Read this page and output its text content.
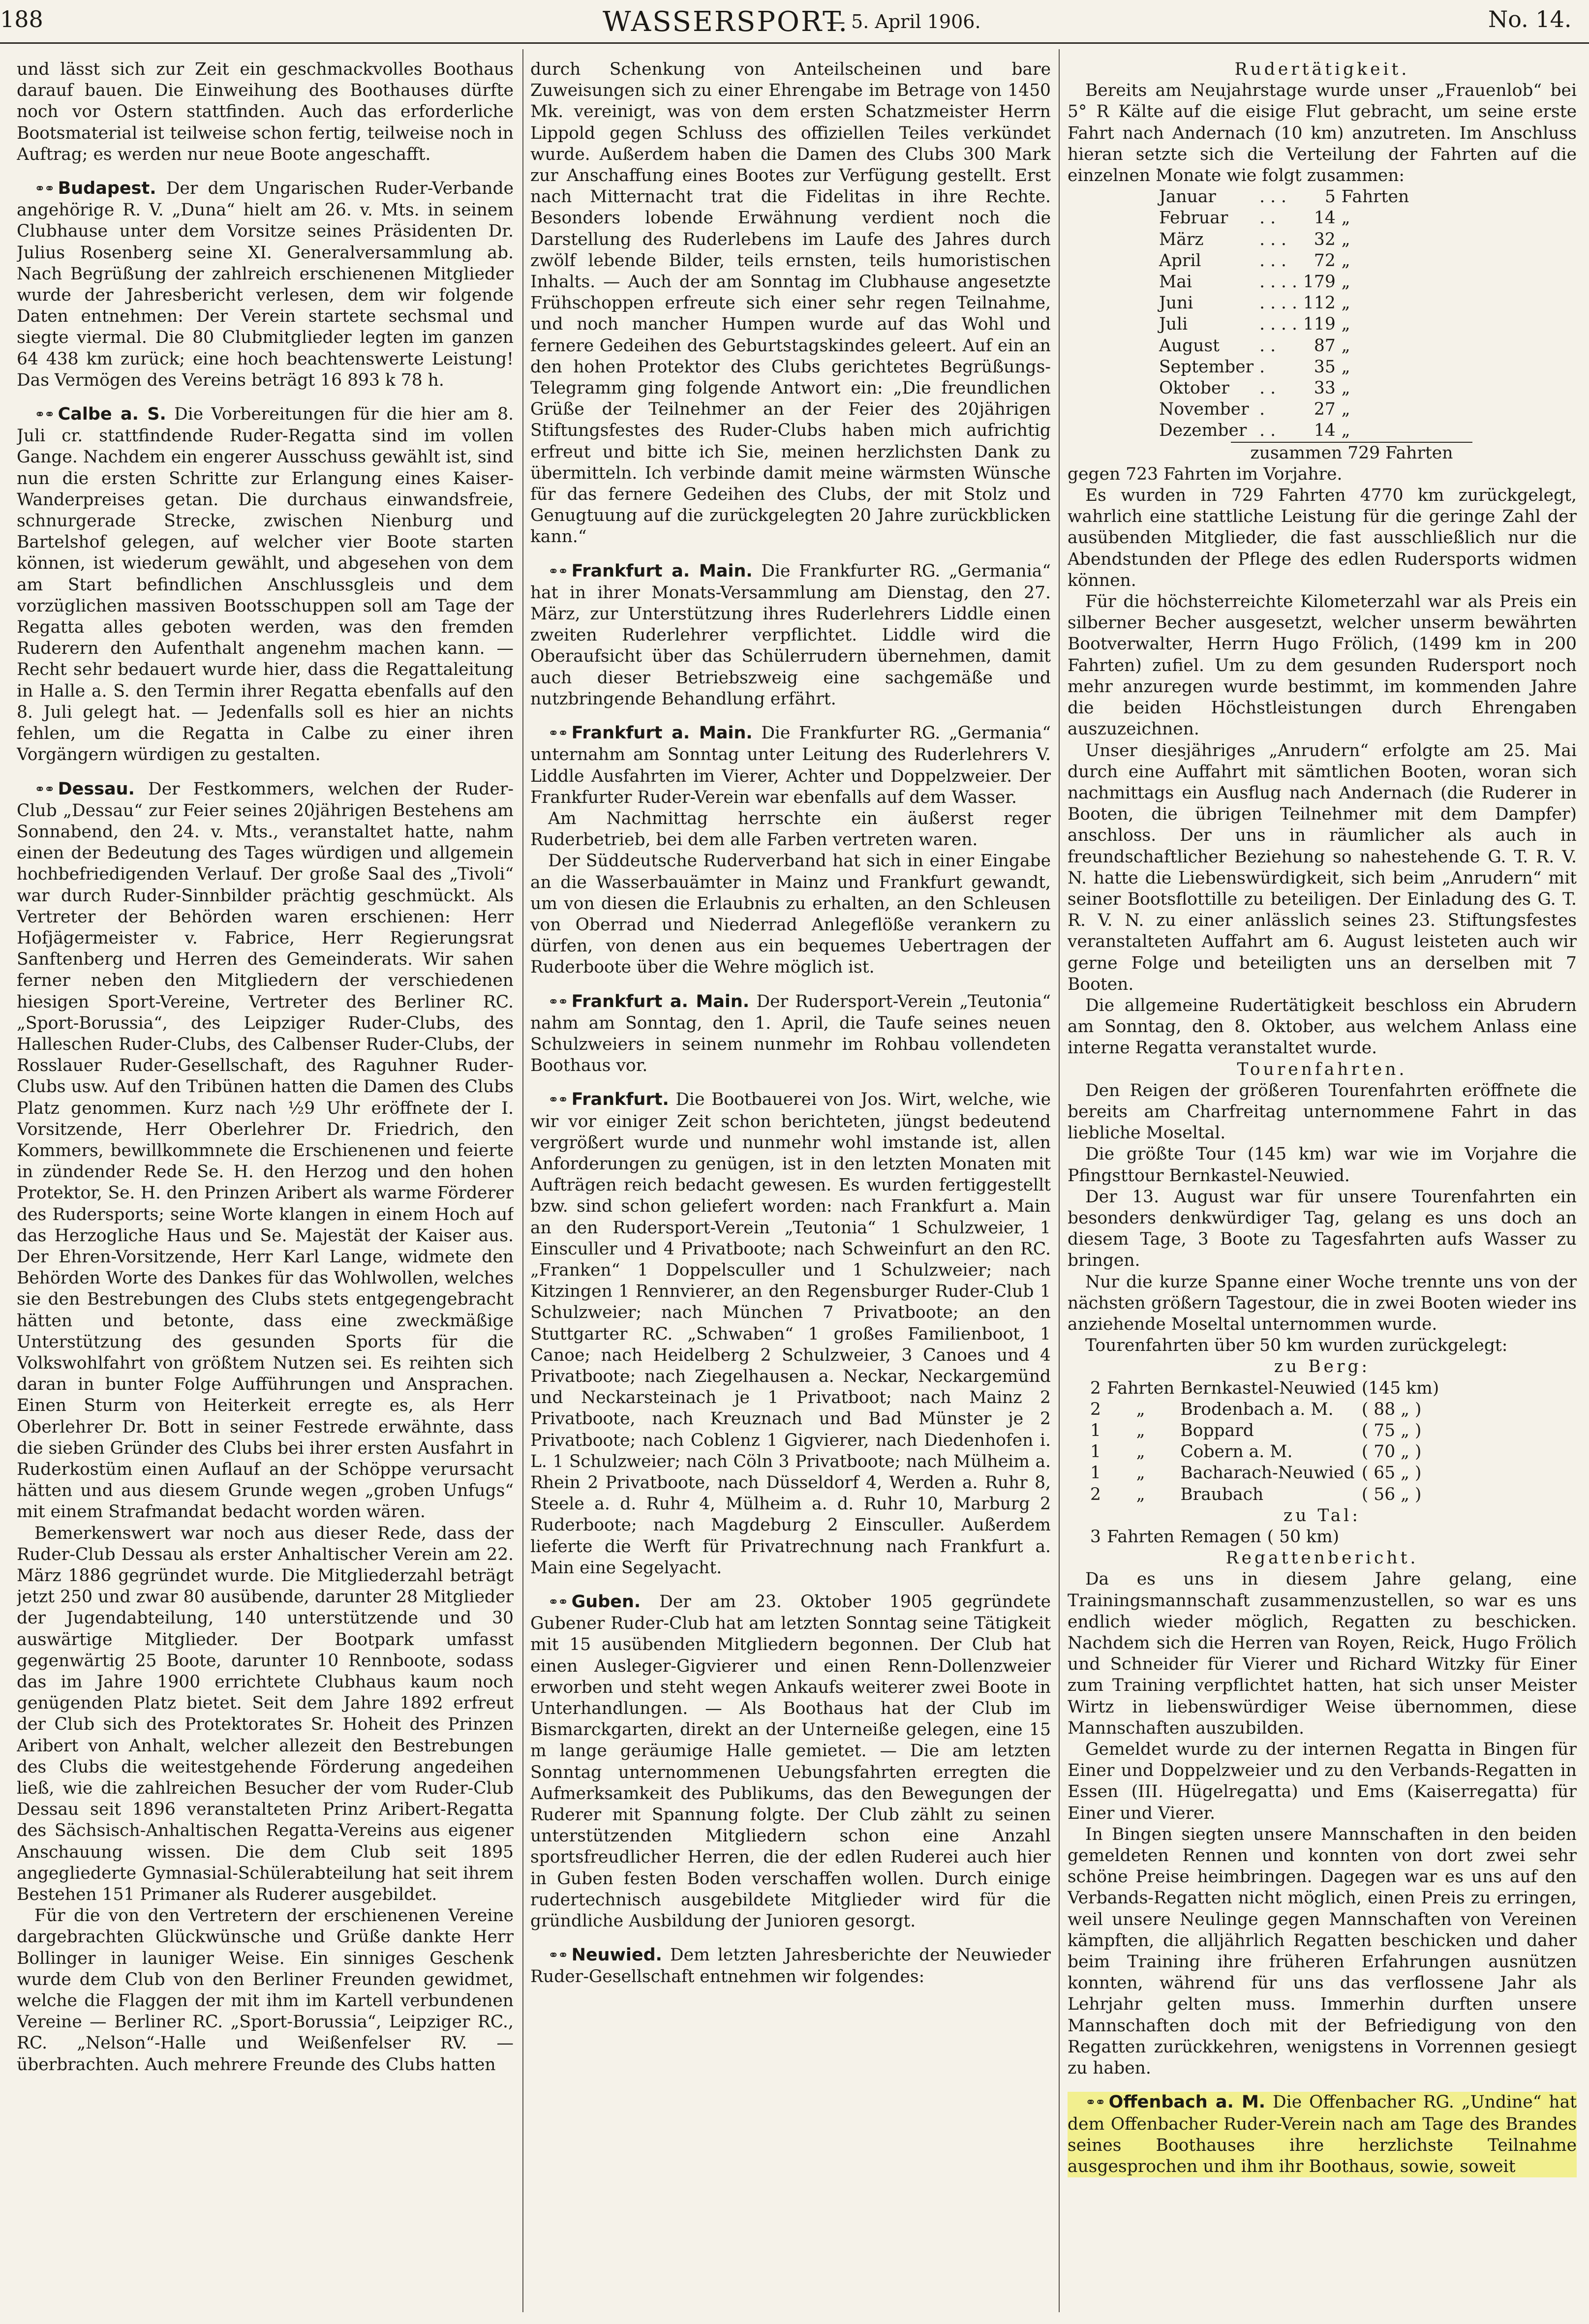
188	WASSERSPORT.
— 5. April 1906.	No. 14.

und lässt sich zur Zeit ein geschmackvolles Boothaus darauf bauen. Die Einweihung des Boothauses dürfte noch vor Ostern stattfinden. Auch das erforderliche Bootsmaterial ist teilweise schon fertig, teilweise noch in Auftrag; es werden nur neue Boote angeschafft.

⚭⚭ Budapest. Der dem Ungarischen Ruder-Verbande angehörige R. V. „Duna“ hielt am 26. v. Mts. in seinem Clubhause unter dem Vorsitze seines Präsidenten Dr. Julius Rosenberg seine XI. Generalversammlung ab. Nach Begrüßung der zahlreich erschienenen Mitglieder wurde der Jahresbericht verlesen, dem wir folgende Daten entnehmen: Der Verein startete sechsmal und siegte viermal. Die 80 Clubmitglieder legten im ganzen 64 438 km zurück; eine hoch beachtenswerte Leistung! Das Vermögen des Vereins beträgt 16 893 k 78 h.

⚭⚭ Calbe a. S. Die Vorbereitungen für die hier am 8. Juli cr. stattfindende Ruder-Regatta sind im vollen Gange. Nachdem ein engerer Ausschuss gewählt ist, sind nun die ersten Schritte zur Erlangung eines Kaiser-Wanderpreises getan. Die durchaus einwandsfreie, schnurgerade Strecke, zwischen Nienburg und Bartelshof gelegen, auf welcher vier Boote starten können, ist wiederum gewählt, und abgesehen von dem am Start befindlichen Anschlussgleis und dem vorzüglichen massiven Bootsschuppen soll am Tage der Regatta alles geboten werden, was den fremden Ruderern den Aufenthalt angenehm machen kann. — Recht sehr bedauert wurde hier, dass die Regattaleitung in Halle a. S. den Termin ihrer Regatta ebenfalls auf den 8. Juli gelegt hat. — Jedenfalls soll es hier an nichts fehlen, um die Regatta in Calbe zu einer ihren Vorgängern würdigen zu gestalten.

⚭⚭ Dessau. Der Festkommers, welchen der Ruder-Club „Dessau“ zur Feier seines 20jährigen Bestehens am Sonnabend, den 24. v. Mts., veranstaltet hatte, nahm einen der Bedeutung des Tages würdigen und allgemein hochbefriedigenden Verlauf. Der große Saal des „Tivoli“ war durch Ruder-Sinnbilder prächtig geschmückt. Als Vertreter der Behörden waren erschienen: Herr Hofjägermeister v. Fabrice, Herr Regierungsrat Sanftenberg und Herren des Gemeinderats. Wir sahen ferner neben den Mitgliedern der verschiedenen hiesigen Sport-Vereine, Vertreter des Berliner RC. „Sport-Borussia“, des Leipziger Ruder-Clubs, des Halleschen Ruder-Clubs, des Calbenser Ruder-Clubs, der Rosslauer Ruder-Gesellschaft, des Raguhner Ruder-Clubs usw. Auf den Tribünen hatten die Damen des Clubs Platz genommen. Kurz nach ½9 Uhr eröffnete der I. Vorsitzende, Herr Oberlehrer Dr. Friedrich, den Kommers, bewillkommnete die Erschienenen und feierte in zündender Rede Se. H. den Herzog und den hohen Protektor, Se. H. den Prinzen Aribert als warme Förderer des Rudersports; seine Worte klangen in einem Hoch auf das Herzogliche Haus und Se. Majestät der Kaiser aus. Der Ehren-Vorsitzende, Herr Karl Lange, widmete den Behörden Worte des Dankes für das Wohlwollen, welches sie den Bestrebungen des Clubs stets entgegengebracht hätten und betonte, dass eine zweckmäßige Unterstützung des gesunden Sports für die Volkswohlfahrt von größtem Nutzen sei. Es reihten sich daran in bunter Folge Aufführungen und Ansprachen. Einen Sturm von Heiterkeit erregte es, als Herr Oberlehrer Dr. Bott in seiner Festrede erwähnte, dass die sieben Gründer des Clubs bei ihrer ersten Ausfahrt in Ruderkostüm einen Auflauf an der Schöppe verursacht hätten und aus diesem Grunde wegen „groben Unfugs“ mit einem Strafmandat bedacht worden wären.

Bemerkenswert war noch aus dieser Rede, dass der Ruder-Club Dessau als erster Anhaltischer Verein am 22. März 1886 gegründet wurde. Die Mitgliederzahl beträgt jetzt 250 und zwar 80 ausübende, darunter 28 Mitglieder der Jugendabteilung, 140 unterstützende und 30 auswärtige Mitglieder. Der Bootpark umfasst gegenwärtig 25 Boote, darunter 10 Rennboote, sodass das im Jahre 1900 errichtete Clubhaus kaum noch genügenden Platz bietet. Seit dem Jahre 1892 erfreut der Club sich des Protektorates Sr. Hoheit des Prinzen Aribert von Anhalt, welcher allezeit den Bestrebungen des Clubs die weitestgehende Förderung angedeihen ließ, wie die zahlreichen Besucher der vom Ruder-Club Dessau seit 1896 veranstalteten Prinz Aribert-Regatta des Sächsisch-Anhaltischen Regatta-Vereins aus eigener Anschauung wissen. Die dem Club seit 1895 angegliederte Gymnasial-Schülerabteilung hat seit ihrem Bestehen 151 Primaner als Ruderer ausgebildet.

Für die von den Vertretern der erschienenen Vereine dargebrachten Glückwünsche und Grüße dankte Herr Bollinger in launiger Weise. Ein sinniges Geschenk wurde dem Club von den Berliner Freunden gewidmet, welche die Flaggen der mit ihm im Kartell verbundenen Vereine — Berliner RC. „Sport-Borussia“, Leipziger RC., RC. „Nelson“-Halle und Weißenfelser RV. — überbrachten. Auch mehrere Freunde des Clubs hatten

durch Schenkung von Anteilscheinen und bare Zuweisungen sich zu einer Ehrengabe im Betrage von 1450 Mk. vereinigt, was von dem ersten Schatzmeister Herrn Lippold gegen Schluss des offiziellen Teiles verkündet wurde. Außerdem haben die Damen des Clubs 300 Mark zur Anschaffung eines Bootes zur Verfügung gestellt. Erst nach Mitternacht trat die Fidelitas in ihre Rechte. Besonders lobende Erwähnung verdient noch die Darstellung des Ruderlebens im Laufe des Jahres durch zwölf lebende Bilder, teils ernsten, teils humoristischen Inhalts. — Auch der am Sonntag im Clubhause angesetzte Frühschoppen erfreute sich einer sehr regen Teilnahme, und noch mancher Humpen wurde auf das Wohl und fernere Gedeihen des Geburtstagskindes geleert. Auf ein an den hohen Protektor des Clubs gerichtetes Begrüßungs-Telegramm ging folgende Antwort ein: „Die freundlichen Grüße der Teilnehmer an der Feier des 20jährigen Stiftungsfestes des Ruder-Clubs haben mich aufrichtig erfreut und bitte ich Sie, meinen herzlichsten Dank zu übermitteln. Ich verbinde damit meine wärmsten Wünsche für das fernere Gedeihen des Clubs, der mit Stolz und Genugtuung auf die zurückgelegten 20 Jahre zurückblicken kann.“

⚭⚭ Frankfurt a. Main. Die Frankfurter RG. „Germania“ hat in ihrer Monats-Versammlung am Dienstag, den 27. März, zur Unterstützung ihres Ruderlehrers Liddle einen zweiten Ruderlehrer verpflichtet. Liddle wird die Oberaufsicht über das Schülerrudern übernehmen, damit auch dieser Betriebszweig eine sachgemäße und nutzbringende Behandlung erfährt.

⚭⚭ Frankfurt a. Main. Die Frankfurter RG. „Germania“ unternahm am Sonntag unter Leitung des Ruderlehrers V. Liddle Ausfahrten im Vierer, Achter und Doppelzweier. Der Frankfurter Ruder-Verein war ebenfalls auf dem Wasser.

Am Nachmittag herrschte ein äußerst reger Ruderbetrieb, bei dem alle Farben vertreten waren.

Der Süddeutsche Ruderverband hat sich in einer Eingabe an die Wasserbauämter in Mainz und Frankfurt gewandt, um von diesen die Erlaubnis zu erhalten, an den Schleusen von Oberrad und Niederrad Anlegeflöße verankern zu dürfen, von denen aus ein bequemes Uebertragen der Ruderboote über die Wehre möglich ist.

⚭⚭ Frankfurt a. Main. Der Rudersport-Verein „Teutonia“ nahm am Sonntag, den 1. April, die Taufe seines neuen Schulzweiers in seinem nunmehr im Rohbau vollendeten Boothaus vor.

⚭⚭ Frankfurt. Die Bootbauerei von Jos. Wirt, welche, wie wir vor einiger Zeit schon berichteten, jüngst bedeutend vergrößert wurde und nunmehr wohl imstande ist, allen Anforderungen zu genügen, ist in den letzten Monaten mit Aufträgen reich bedacht gewesen. Es wurden fertiggestellt bzw. sind schon geliefert worden: nach Frankfurt a. Main an den Rudersport-Verein „Teutonia“ 1 Schulzweier, 1 Einsculler und 4 Privatboote; nach Schweinfurt an den RC. „Franken“ 1 Doppelsculler und 1 Schulzweier; nach Kitzingen 1 Rennvierer, an den Regensburger Ruder-Club 1 Schulzweier; nach München 7 Privatboote; an den Stuttgarter RC. „Schwaben“ 1 großes Familienboot, 1 Canoe; nach Heidelberg 2 Schulzweier, 3 Canoes und 4 Privatboote; nach Ziegelhausen a. Neckar, Neckargemünd und Neckarsteinach je 1 Privatboot; nach Mainz 2 Privatboote, nach Kreuznach und Bad Münster je 2 Privatboote; nach Coblenz 1 Gigvierer, nach Diedenhofen i. L. 1 Schulzweier; nach Cöln 3 Privatboote; nach Mülheim a. Rhein 2 Privatboote, nach Düsseldorf 4, Werden a. Ruhr 8, Steele a. d. Ruhr 4, Mülheim a. d. Ruhr 10, Marburg 2 Ruderboote; nach Magdeburg 2 Einsculler. Außerdem lieferte die Werft für Privatrechnung nach Frankfurt a. Main eine Segelyacht.

⚭⚭ Guben. Der am 23. Oktober 1905 gegründete Gubener Ruder-Club hat am letzten Sonntag seine Tätigkeit mit 15 ausübenden Mitgliedern begonnen. Der Club hat einen Ausleger-Gigvierer und einen Renn-Dollenzweier erworben und steht wegen Ankaufs weiterer zwei Boote in Unterhandlungen. — Als Boothaus hat der Club im Bismarckgarten, direkt an der Unterneiße gelegen, eine 15 m lange geräumige Halle gemietet. — Die am letzten Sonntag unternommenen Uebungsfahrten erregten die Aufmerksamkeit des Publikums, das den Bewegungen der Ruderer mit Spannung folgte. Der Club zählt zu seinen unterstützenden Mitgliedern schon eine Anzahl sportsfreudlicher Herren, die der edlen Ruderei auch hier in Guben festen Boden verschaffen wollen. Durch einige rudertechnisch ausgebildete Mitglieder wird für die gründliche Ausbildung der Junioren gesorgt.

⚭⚭ Neuwied. Dem letzten Jahresberichte der Neuwieder Ruder-Gesellschaft entnehmen wir folgendes:

Rudertätigkeit.

Bereits am Neujahrstage wurde unser „Frauenlob“ bei 5° R Kälte auf die eisige Flut gebracht, um seine erste Fahrt nach Andernach (10 km) anzutreten. Im Anschluss hieran setzte sich die Verteilung der Fahrten auf die einzelnen Monate wie folgt zusammen:

Januar	. . .	5	Fahrten
Februar	. .	14	„
März	. . .	32	„
April	. . .	72	„
Mai	. . . .	179	„
Juni	. . . .	112	„
Juli	. . . .	119	„
August	. .	87	„
September	.	35	„
Oktober	. .	33	„
November	.	27	„
Dezember	. .	14	„
zusammen 729 Fahrten

gegen 723 Fahrten im Vorjahre.

Es wurden in 729 Fahrten 4770 km zurückgelegt, wahrlich eine stattliche Leistung für die geringe Zahl der ausübenden Mitglieder, die fast ausschließlich nur die Abendstunden der Pflege des edlen Rudersports widmen können.

Für die höchsterreichte Kilometerzahl war als Preis ein silberner Becher ausgesetzt, welcher unserm bewährten Bootverwalter, Herrn Hugo Frölich, (1499 km in 200 Fahrten) zufiel. Um zu dem gesunden Rudersport noch mehr anzuregen wurde bestimmt, im kommenden Jahre die beiden Höchstleistungen durch Ehrengaben auszuzeichnen.

Unser diesjähriges „Anrudern“ erfolgte am 25. Mai durch eine Auffahrt mit sämtlichen Booten, woran sich nachmittags ein Ausflug nach Andernach (die Ruderer in Booten, die übrigen Teilnehmer mit dem Dampfer) anschloss. Der uns in räumlicher als auch in freundschaftlicher Beziehung so nahestehende G. T. R. V. N. hatte die Liebenswürdigkeit, sich beim „Anrudern“ mit seiner Bootsflottille zu beteiligen. Der Einladung des G. T. R. V. N. zu einer anlässlich seines 23. Stiftungsfestes veranstalteten Auffahrt am 6. August leisteten auch wir gerne Folge und beteiligten uns an derselben mit 7 Booten.

Die allgemeine Rudertätigkeit beschloss ein Abrudern am Sonntag, den 8. Oktober, aus welchem Anlass eine interne Regatta veranstaltet wurde.

Tourenfahrten.

Den Reigen der größeren Tourenfahrten eröffnete die bereits am Charfreitag unternommene Fahrt in das liebliche Moseltal.

Die größte Tour (145 km) war wie im Vorjahre die Pfingsttour Bernkastel-Neuwied.

Der 13. August war für unsere Tourenfahrten ein besonders denkwürdiger Tag, gelang es uns doch an diesem Tage, 3 Boote zu Tagesfahrten aufs Wasser zu bringen.

Nur die kurze Spanne einer Woche trennte uns von der nächsten größern Tagestour, die in zwei Booten wieder ins anziehende Moseltal unternommen wurde.

Tourenfahrten über 50 km wurden zurückgelegt:

zu Berg:

2	Fahrten	Bernkastel-Neuwied	(145 km)
2	„	Brodenbach a. M.	( 88 „ )
1	„	Boppard	( 75 „ )
1	„	Cobern a. M.	( 70 „ )
1	„	Bacharach-Neuwied	( 65 „ )
2	„	Braubach	( 56 „ )

zu Tal:

3	Fahrten	Remagen	( 50 km)

Regattenbericht.

Da es uns in diesem Jahre gelang, eine Trainingsmannschaft zusammenzustellen, so war es uns endlich wieder möglich, Regatten zu beschicken. Nachdem sich die Herren van Royen, Reick, Hugo Frölich und Schneider für Vierer und Richard Witzky für Einer zum Training verpflichtet hatten, hat sich unser Meister Wirtz in liebenswürdiger Weise übernommen, diese Mannschaften auszubilden.

Gemeldet wurde zu der internen Regatta in Bingen für Einer und Doppelzweier und zu den Verbands-Regatten in Essen (III. Hügelregatta) und Ems (Kaiserregatta) für Einer und Vierer.

In Bingen siegten unsere Mannschaften in den beiden gemeldeten Rennen und konnten von dort zwei sehr schöne Preise heimbringen. Dagegen war es uns auf den Verbands-Regatten nicht möglich, einen Preis zu erringen, weil unsere Neulinge gegen Mannschaften von Vereinen kämpften, die alljährlich Regatten beschicken und daher beim Training ihre früheren Erfahrungen ausnützen konnten, während für uns das verflossene Jahr als Lehrjahr gelten muss. Immerhin durften unsere Mannschaften doch mit der Befriedigung von den Regatten zurückkehren, wenigstens in Vorrennen gesiegt zu haben.

⚭⚭ Offenbach a. M. Die Offenbacher RG. „Undine“ hat dem Offenbacher Ruder-Verein nach am Tage des Brandes seines Boothauses ihre herzlichste Teilnahme ausgesprochen und ihm ihr Boothaus, sowie, soweit
